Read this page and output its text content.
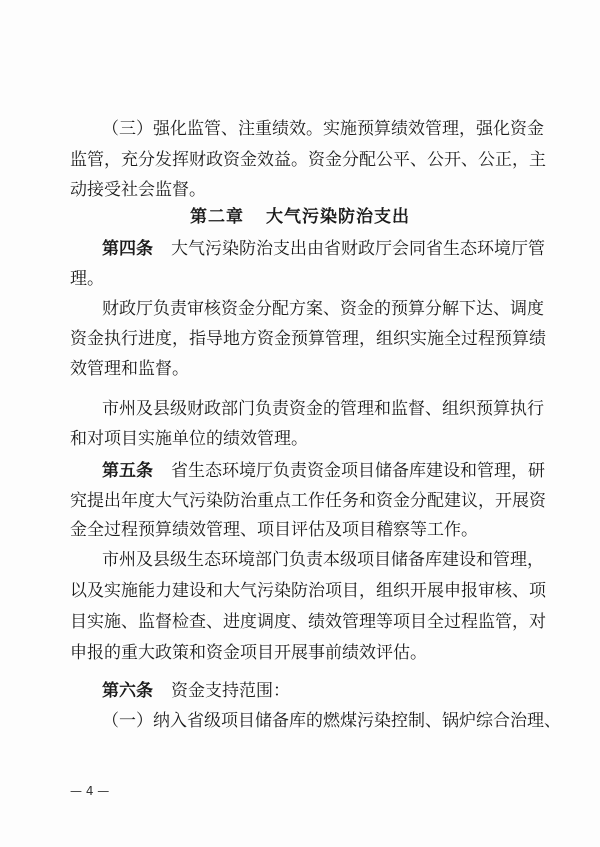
（三）强化监管、注重绩效。实施预算绩效管理，强化资金
监管，充分发挥财政资金效益。资金分配公平、公开、公正，主
动接受社会监督。
第二章 大气污染防治支出
第四条 大气污染防治支出由省财政厅会同省生态环境厅管
理。
财政厅负责审核资金分配方案、资金的预算分解下达、调度
资金执行进度，指导地方资金预算管理，组织实施全过程预算绩
效管理和监督。
市州及县级财政部门负责资金的管理和监督、组织预算执行
和对项目实施单位的绩效管理。
第五条 省生态环境厅负责资金项目储备库建设和管理，研
究提出年度大气污染防治重点工作任务和资金分配建议，开展资
金全过程预算绩效管理、项目评估及项目稽察等工作。
市州及县级生态环境部门负责本级项目储备库建设和管理，
以及实施能力建设和大气污染防治项目，组织开展申报审核、项
目实施、监督检查、进度调度、绩效管理等项目全过程监管，对
申报的重大政策和资金项目开展事前绩效评估。
第六条 资金支持范围：
（一）纳入省级项目储备库的燃煤污染控制、锅炉综合治理、
— 4 —
